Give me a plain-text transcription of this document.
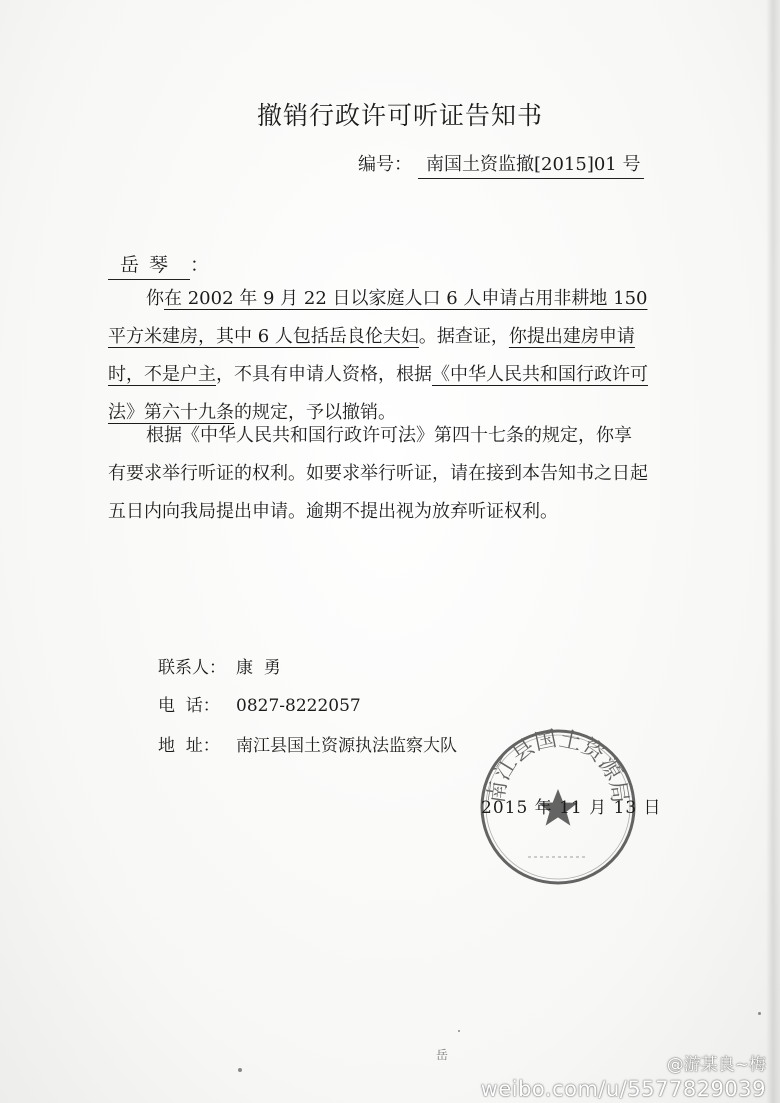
撤销行政许可听证告知书
编号： 南国土资监撤[2015]01 号
岳琴 ：
你在 2002 年 9 月 22 日以家庭人口 6 人申请占用非耕地 150 平方米建房，其中 6 人包括岳良伦夫妇。据查证，你提出建房申请时，不是户主，不具有申请人资格，根据《中华人民共和国行政许可法》第六十九条的规定，予以撤销。
根据《中华人民共和国行政许可法》第四十七条的规定，你享有要求举行听证的权利。如要求举行听证，请在接到本告知书之日起五日内向我局提出申请。逾期不提出视为放弃听证权利。
联系人： 康  勇
电  话： 0827-8222057
地  址： 南江县国土资源执法监察大队
南江县国土资源局
2015 年 11 月 13 日
岳	@游某良~梅
weibo.com/u/5577829039
